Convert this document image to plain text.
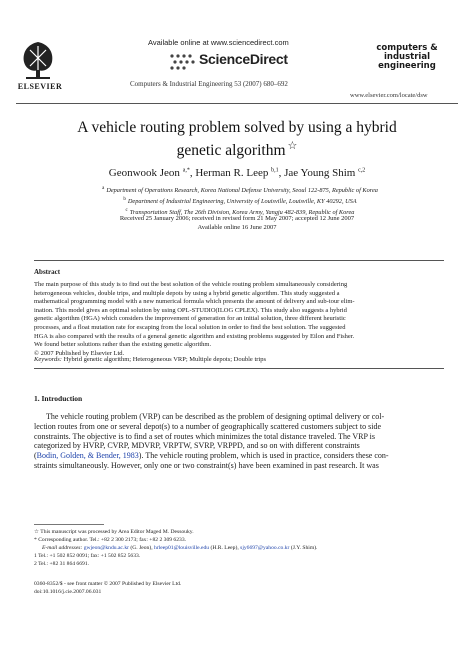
ELSEVIER
Available online at www.sciencedirect.com
ScienceDirect
Computers & Industrial Engineering 53 (2007) 680–692
computers &
industrial
engineering
www.elsevier.com/locate/dsw
A vehicle routing problem solved by using a hybrid
genetic algorithm ☆
Geonwook Jeon $^{a,*}$, Herman R. Leep $^{b,1}$, Jae Young Shim $^{c,2}$
$^a$ Department of Operations Research, Korea National Defense University, Seoul 122-875, Republic of Korea
$^b$ Department of Industrial Engineering, University of Louisville, Louisville, KY 40292, USA
$^c$ Transportation Staff, The 26th Division, Korea Army, Yangju 482-839, Republic of Korea
Received 25 January 2006; received in revised form 21 May 2007; accepted 12 June 2007
Available online 16 June 2007
Abstract
The main purpose of this study is to find out the best solution of the vehicle routing problem simultaneously considering
heterogeneous vehicles, double trips, and multiple depots by using a hybrid genetic algorithm. This study suggested a
mathematical programming model with a new numerical formula which presents the amount of delivery and sub-tour elim-
ination. This model gives an optimal solution by using OPL-STUDIO(ILOG CPLEX). This study also suggests a hybrid
genetic algorithm (HGA) which considers the improvement of generation for an initial solution, three different heuristic
processes, and a float mutation rate for escaping from the local solution in order to find the best solution. The suggested
HGA is also compared with the results of a general genetic algorithm and existing problems suggested by Eilon and Fisher.
We found better solutions rather than the existing genetic algorithm.
© 2007 Published by Elsevier Ltd.
Keywords: Hybrid genetic algorithm; Heterogeneous VRP; Multiple depots; Double trips
1. Introduction
The vehicle routing problem (VRP) can be described as the problem of designing optimal delivery or col-
lection routes from one or several depot(s) to a number of geographically scattered customers subject to side
constraints. The objective is to find a set of routes which minimizes the total distance traveled. The VRP is
categorized by HVRP, CVRP, MDVRP, VRPTW, SVRP, VRPPD, and so on with different constraints
(Bodin, Golden, & Bender, 1983). The vehicle routing problem, which is used in practice, considers these con-
straints simultaneously. However, only one or two constraint(s) have been examined in past research. It was
☆ This manuscript was processed by Area Editor Maged M. Dessouky.
* Corresponding author. Tel.: +82 2 300 2173; fax: +82 2 309 6233.
E-mail addresses: gwjeon@kndu.ac.kr (G. Jeon), hrleep01@louisville.edu (H.R. Leep), sjy6697@yahoo.co.kr (J.Y. Shim).
1 Tel.: +1 502 852 0091; fax: +1 502 852 5633.
2 Tel.: +82 31 864 6691.
0360-8352/$ - see front matter © 2007 Published by Elsevier Ltd.
doi:10.1016/j.cie.2007.06.031
